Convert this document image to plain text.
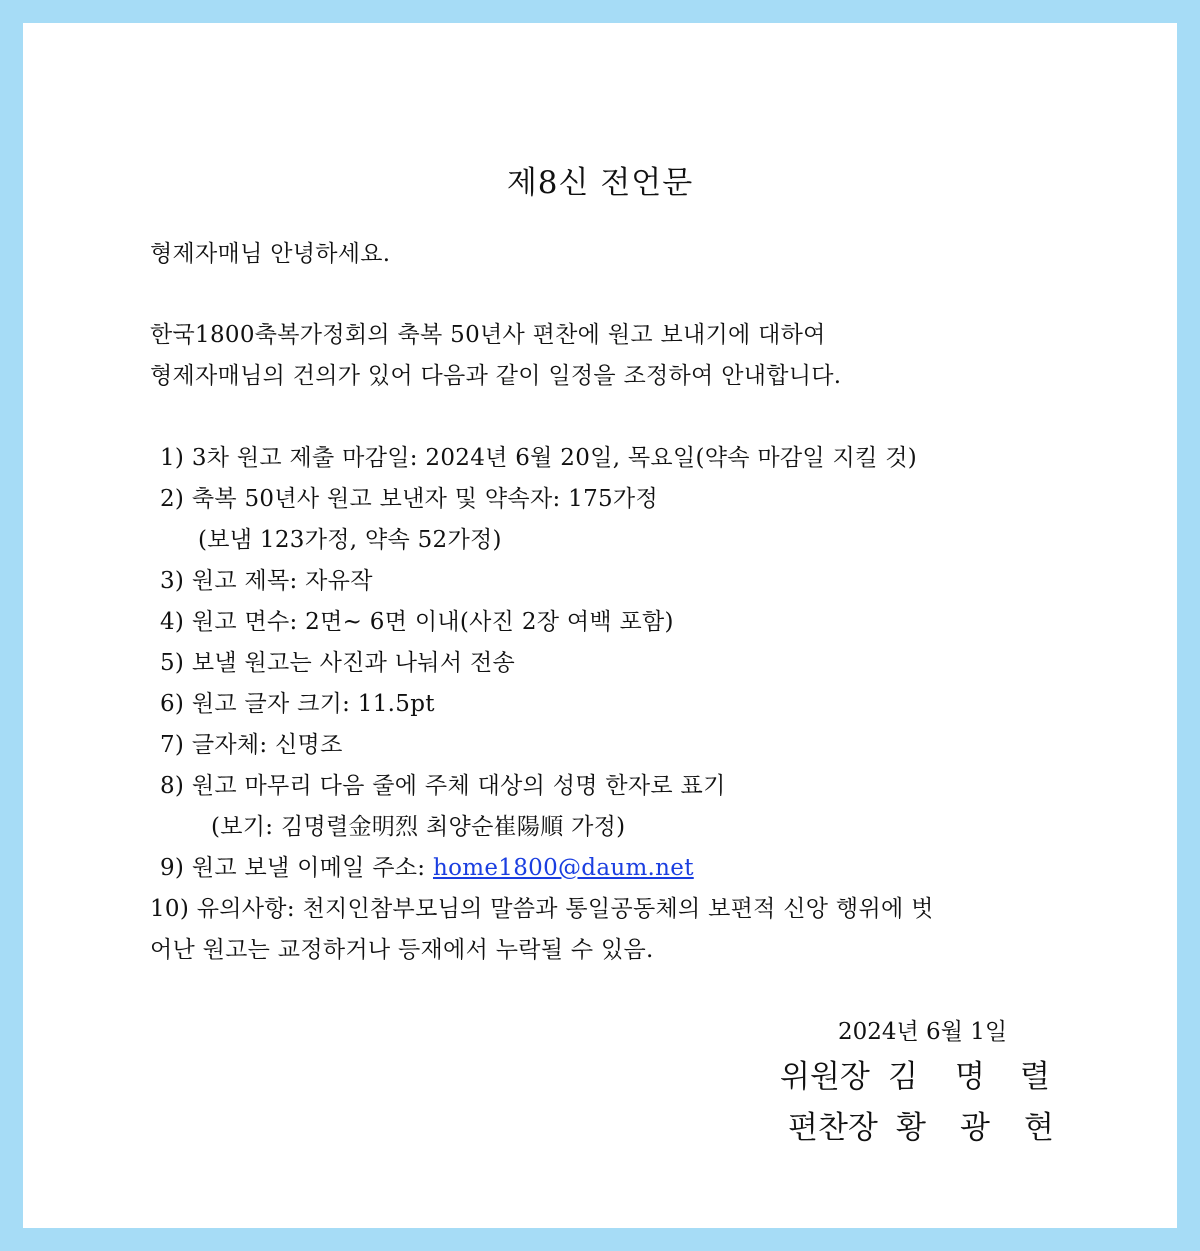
제8신 전언문
형제자매님 안녕하세요.
한국1800축복가정회의 축복 50년사 편찬에 원고 보내기에 대하여
형제자매님의 건의가 있어 다음과 같이 일정을 조정하여 안내합니다.
1) 3차 원고 제출 마감일: 2024년 6월 20일, 목요일(약속 마감일 지킬 것)
2) 축복 50년사 원고 보낸자 및 약속자: 175가정
(보냄 123가정, 약속 52가정)
3) 원고 제목: 자유작
4) 원고 면수: 2면~ 6면 이내(사진 2장 여백 포함)
5) 보낼 원고는 사진과 나눠서 전송
6) 원고 글자 크기: 11.5pt
7) 글자체: 신명조
8) 원고 마무리 다음 줄에 주체 대상의 성명 한자로 표기
(보기: 김명렬金明烈 최양순崔陽順 가정)
9) 원고 보낼 이메일 주소: home1800@daum.net
10) 유의사항: 천지인참부모님의 말씀과 통일공동체의 보편적 신앙 행위에 벗
어난 원고는 교정하거나 등재에서 누락될 수 있음.
2024년 6월 1일
위원장 김 명 렬
편찬장 황 광 현
